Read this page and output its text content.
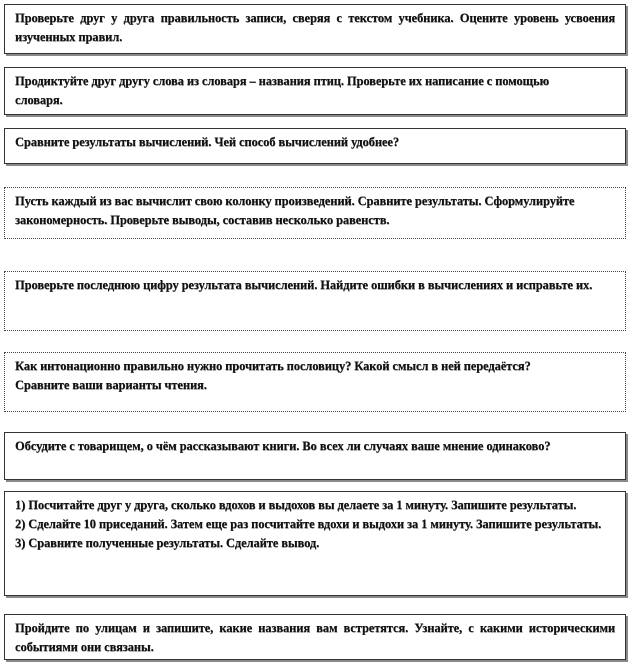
Проверьте друг у друга правильность записи, сверяя с текстом учебника. Оцените уровень усвоения изученных правил.

Продиктуйте друг другу слова из словаря – названия птиц. Проверьте их написание с помощью словаря.

Сравните результаты вычислений. Чей способ вычислений удобнее?

Пусть каждый из вас вычислит свою колонку произведений. Сравните результаты. Сформулируйте закономерность. Проверьте выводы, составив несколько равенств.

Проверьте последнюю цифру результата вычислений. Найдите ошибки в вычислениях и исправьте их.

Как интонационно правильно нужно прочитать пословицу? Какой смысл в ней передаётся? Сравните ваши варианты чтения.

Обсудите с товарищем, о чём рассказывают книги. Во всех ли случаях ваше мнение одинаково?

1) Посчитайте друг у друга, сколько вдохов и выдохов вы делаете за 1 минуту. Запишите результаты.

2) Сделайте 10 приседаний. Затем еще раз посчитайте вдохи и выдохи за 1 минуту. Запишите результаты.

3) Сравните полученные результаты. Сделайте вывод.

Пройдите по улицам и запишите, какие названия вам встретятся. Узнайте, с какими историческими событиями они связаны.
